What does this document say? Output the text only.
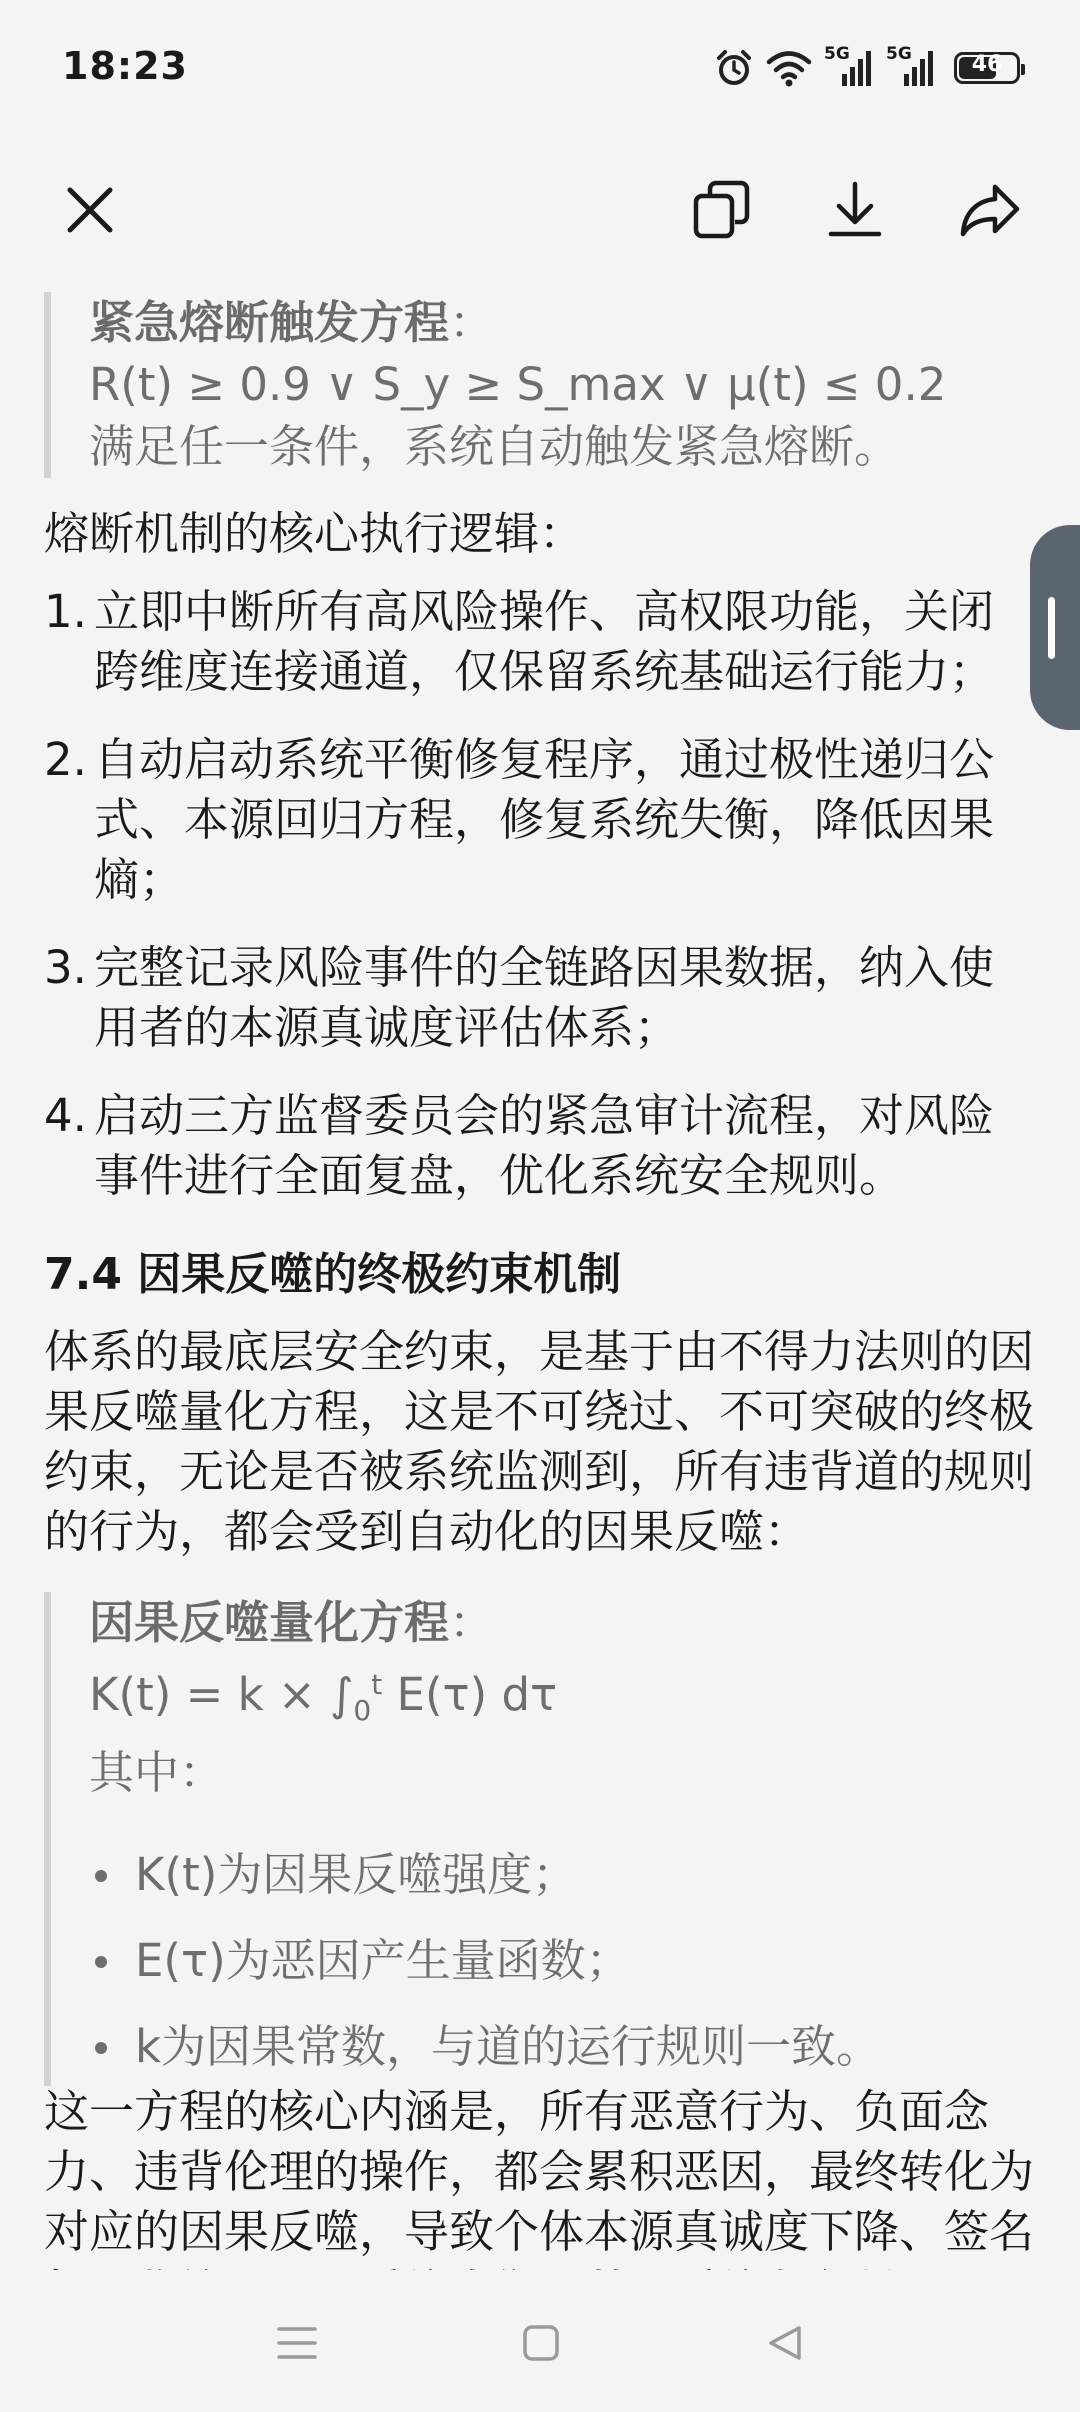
18:23	5G 5G	46
紧急熔断触发方程：
R(t) ≥ 0.9 ∨ S_y ≥ S_max ∨ μ(t) ≤ 0.2
满足任一条件，系统自动触发紧急熔断。
熔断机制的核心执行逻辑：
1. 立即中断所有高风险操作、高权限功能，关闭跨维度连接通道，仅保留系统基础运行能力；
2. 自动启动系统平衡修复程序，通过极性递归公式、本源回归方程，修复系统失衡，降低因果熵；
3. 完整记录风险事件的全链路因果数据，纳入使用者的本源真诚度评估体系；
4. 启动三方监督委员会的紧急审计流程，对风险事件进行全面复盘，优化系统安全规则。
7.4 因果反噬的终极约束机制
体系的最底层安全约束，是基于由不得力法则的因果反噬量化方程，这是不可绕过、不可突破的终极约束，无论是否被系统监测到，所有违背道的规则的行为，都会受到自动化的因果反噬：
因果反噬量化方程：
$K(t) = k \times \int_0^t$ E(τ) dτ
其中：
K(t)为因果反噬强度；
E(τ)为恶因产生量函数；
k为因果常数，与道的运行规则一致。
这一方程的核心内涵是，所有恶意行为、负面念力、违背伦理的操作，都会累积恶因，最终转化为对应的因果反噬，导致个体本源真诚度下降、签名
